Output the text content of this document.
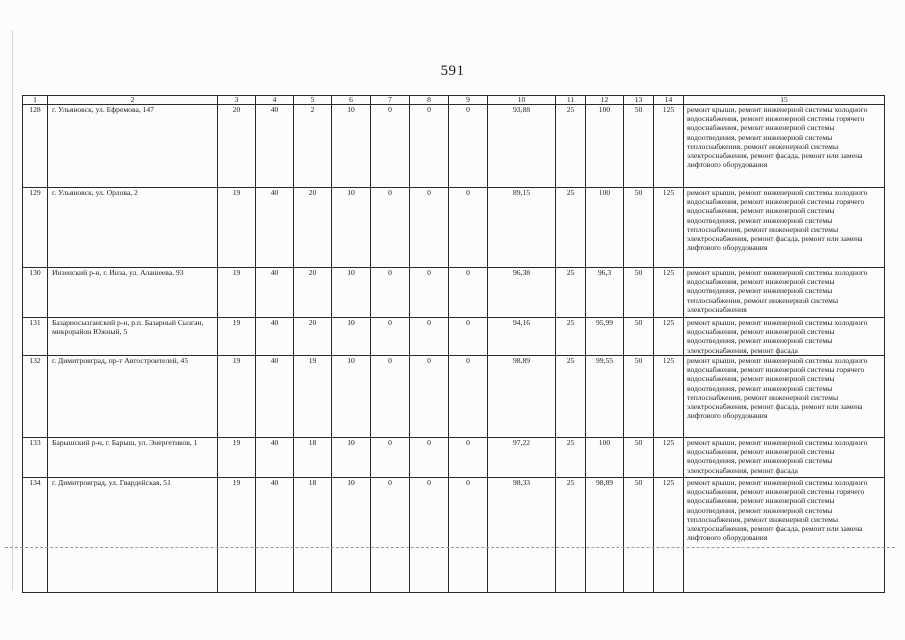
591
1	2	3	4	5	6	7	8	9	10	11	12	13	14	15
128	г. Ульяновск, ул. Ефремова, 147	20	40	2	10	0	0	0	93,88	25	100	50	125	ремонт крыши, ремонт инженерной системы холодного водоснабжения, ремонт инженерной системы горячего водоснабжения, ремонт инженерной системы водоотведения, ремонт инженерной системы теплоснабжения, ремонт инженерной системы электроснабжения, ремонт фасада, ремонт или замена лифтового оборудования
129	г. Ульяновск, ул. Орлова, 2	19	40	20	10	0	0	0	89,15	25	100	50	125	ремонт крыши, ремонт инженерной системы холодного водоснабжения, ремонт инженерной системы горячего водоснабжения, ремонт инженерной системы водоотведения, ремонт инженерной системы теплоснабжения, ремонт инженерной системы электроснабжения, ремонт фасада, ремонт или замена лифтового оборудования
130	Инзенский р-н, г. Инза, ул. Алашеева, 93	19	40	20	10	0	0	0	96,38	25	96,3	50	125	ремонт крыши, ремонт инженерной системы холодного водоснабжения, ремонт инженерной системы водоотведения, ремонт инженерной системы теплоснабжения, ремонт инженерной системы электроснабжения
131	Базарносызганский р-н, р.п. Базарный Сызган, микрорайон Южный, 5	19	40	20	10	0	0	0	94,16	25	95,99	50	125	ремонт крыши, ремонт инженерной системы холодного водоснабжения, ремонт инженерной системы водоотведения, ремонт инженерной системы электроснабжения, ремонт фасада
132	г. Димитровград, пр-т Автостроителей, 45	19	40	19	10	0	0	0	98,89	25	99,55	50	125	ремонт крыши, ремонт инженерной системы холодного водоснабжения, ремонт инженерной системы горячего водоснабжения, ремонт инженерной системы водоотведения, ремонт инженерной системы теплоснабжения, ремонт инженерной системы электроснабжения, ремонт фасада, ремонт или замена лифтового оборудования
133	Барышский р-н, г. Барыш, ул. Энергетиков, 1	19	40	18	10	0	0	0	97,22	25	100	50	125	ремонт крыши, ремонт инженерной системы холодного водоснабжения, ремонт инженерной системы водоотведения, ремонт инженерной системы электроснабжения, ремонт фасада
134	г. Димитровград, ул. Гвардейская, 51	19	40	18	10	0	0	0	98,33	25	98,89	50	125	ремонт крыши, ремонт инженерной системы холодного водоснабжения, ремонт инженерной системы горячего водоснабжения, ремонт инженерной системы водоотведения, ремонт инженерной системы теплоснабжения, ремонт инженерной системы электроснабжения, ремонт фасада, ремонт или замена лифтового оборудования
